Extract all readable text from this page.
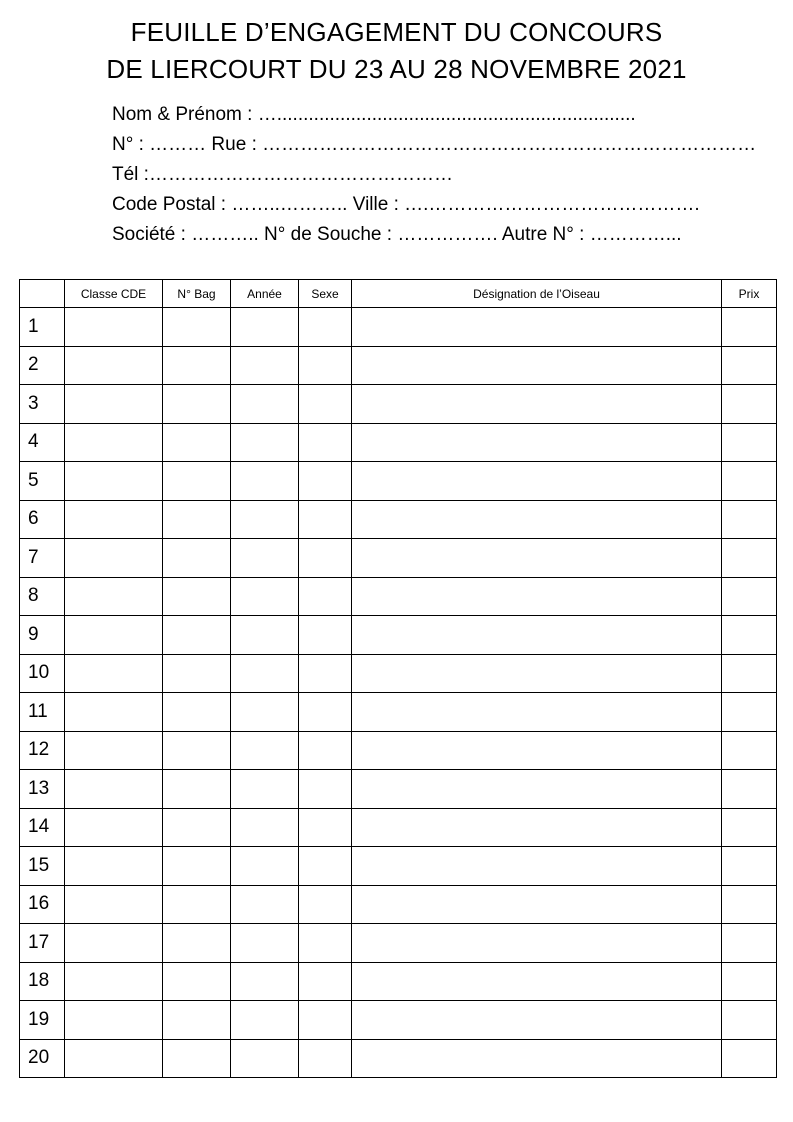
FEUILLE D’ENGAGEMENT DU CONCOURS
DE LIERCOURT DU 23 AU 28 NOVEMBRE 2021
Nom & Prénom : …....................................................................
N° : ……… Rue : ……………………………………………………………………
Tél :…………………………………………
Code Postal : ……..……….. Ville : ….…………………………………….
Société : ……….. N° de Souche : ……………. Autre N° : …………...
	Classe CDE	N° Bag	Année	Sexe	Désignation de l’Oiseau	Prix
1						
2						
3						
4						
5						
6						
7						
8						
9						
10						
11						
12						
13						
14						
15						
16						
17						
18						
19						
20						
